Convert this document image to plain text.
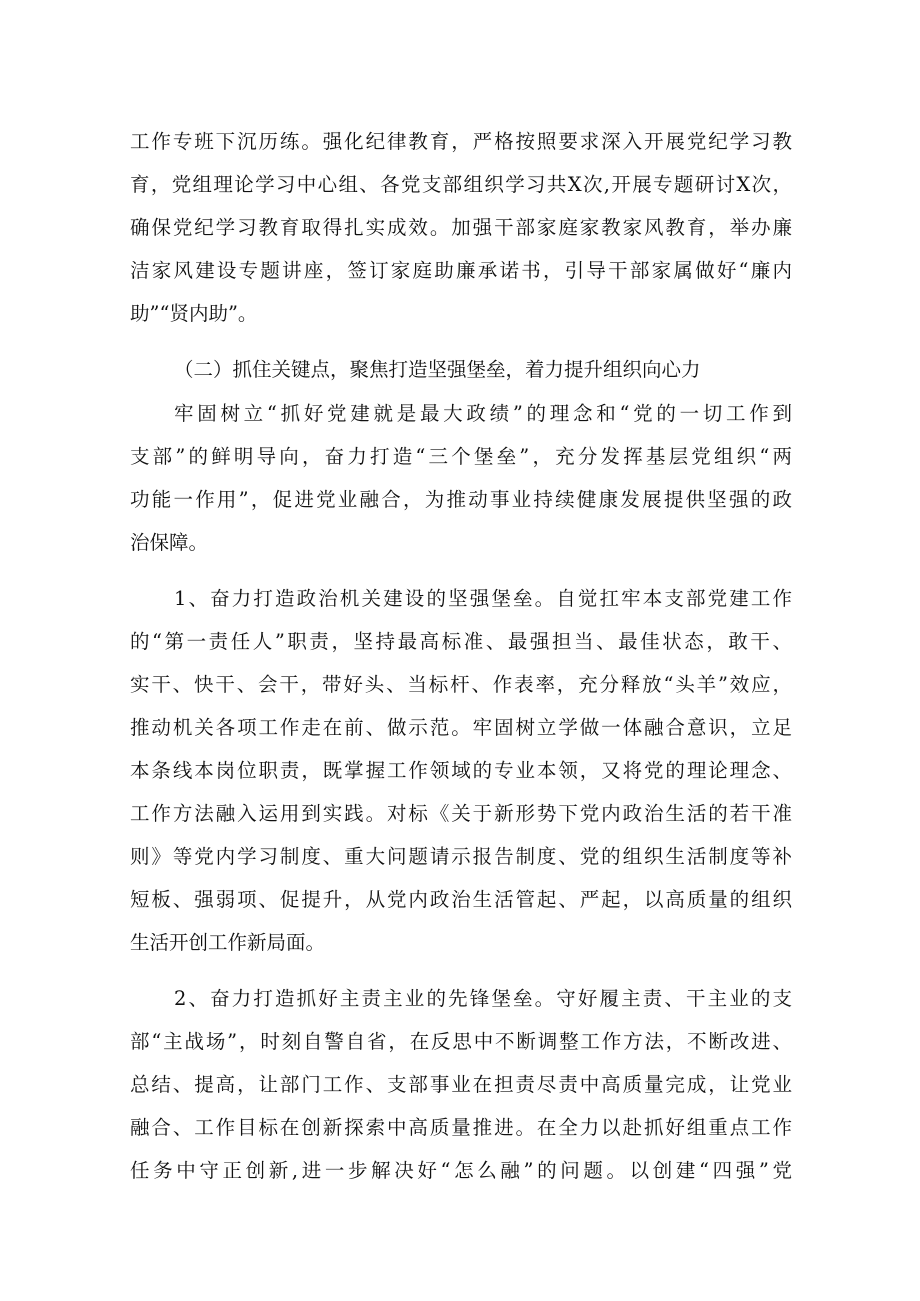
工作专班下沉历练。强化纪律教育，严格按照要求深入开展党纪学习教
育，党组理论学习中心组、各党支部组织学习共X次,开展专题研讨X次，
确保党纪学习教育取得扎实成效。加强干部家庭家教家风教育，举办廉
洁家风建设专题讲座，签订家庭助廉承诺书，引导干部家属做好“廉内
助”“贤内助”。
（二）抓住关键点，聚焦打造坚强堡垒，着力提升组织向心力
牢固树立“抓好党建就是最大政绩”的理念和“党的一切工作到
支部”的鲜明导向，奋力打造“三个堡垒”，充分发挥基层党组织“两
功能一作用”，促进党业融合，为推动事业持续健康发展提供坚强的政
治保障。
1、奋力打造政治机关建设的坚强堡垒。自觉扛牢本支部党建工作
的“第一责任人”职责，坚持最高标准、最强担当、最佳状态，敢干、
实干、快干、会干，带好头、当标杆、作表率，充分释放“头羊”效应，
推动机关各项工作走在前、做示范。牢固树立学做一体融合意识，立足
本条线本岗位职责，既掌握工作领域的专业本领，又将党的理论理念、
工作方法融入运用到实践。对标《关于新形势下党内政治生活的若干准
则》等党内学习制度、重大问题请示报告制度、党的组织生活制度等补
短板、强弱项、促提升，从党内政治生活管起、严起，以高质量的组织
生活开创工作新局面。
2、奋力打造抓好主责主业的先锋堡垒。守好履主责、干主业的支
部“主战场”，时刻自警自省，在反思中不断调整工作方法，不断改进、
总结、提高，让部门工作、支部事业在担责尽责中高质量完成，让党业
融合、工作目标在创新探索中高质量推进。在全力以赴抓好组重点工作
任务中守正创新,进一步解决好“怎么融”的问题。以创建“四强”党
